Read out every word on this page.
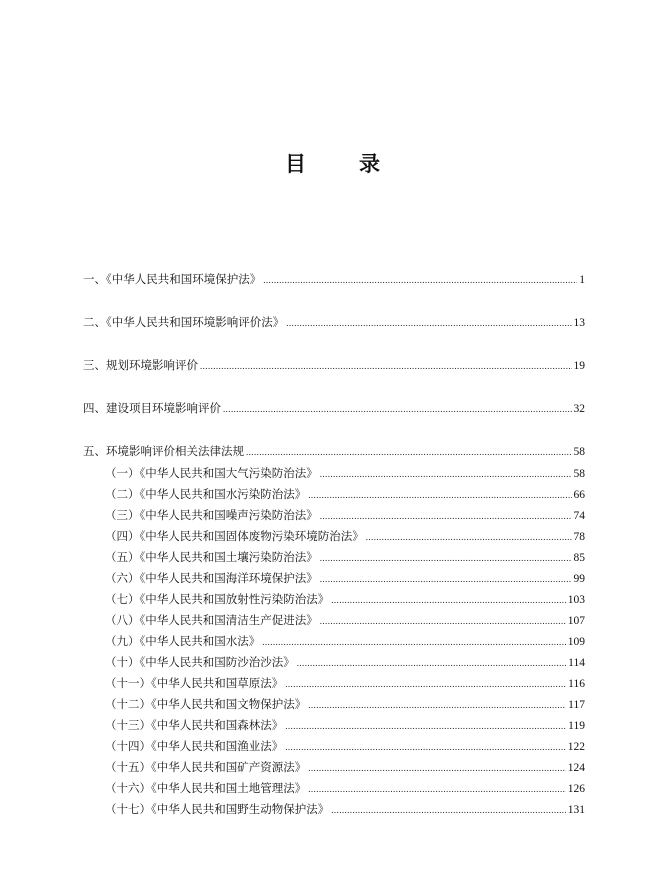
目　录
一、《中华人民共和国环境保护法》 .....	1
二、《中华人民共和国环境影响评价法》 .....	13
三、规划环境影响评价 .....	19
四、建设项目环境影响评价 .....	32
五、环境影响评价相关法律法规 .....	58
（一）《中华人民共和国大气污染防治法》 .....	58
（二）《中华人民共和国水污染防治法》 .....	66
（三）《中华人民共和国噪声污染防治法》 .....	74
（四）《中华人民共和国固体废物污染环境防治法》 .....	78
（五）《中华人民共和国土壤污染防治法》 .....	85
（六）《中华人民共和国海洋环境保护法》 .....	99
（七）《中华人民共和国放射性污染防治法》 .....	103
（八）《中华人民共和国清洁生产促进法》 .....	107
（九）《中华人民共和国水法》 .....	109
（十）《中华人民共和国防沙治沙法》 .....	114
（十一）《中华人民共和国草原法》 .....	116
（十二）《中华人民共和国文物保护法》 .....	117
（十三）《中华人民共和国森林法》 .....	119
（十四）《中华人民共和国渔业法》 .....	122
（十五）《中华人民共和国矿产资源法》 .....	124
（十六）《中华人民共和国土地管理法》 .....	126
（十七）《中华人民共和国野生动物保护法》 .....	131
